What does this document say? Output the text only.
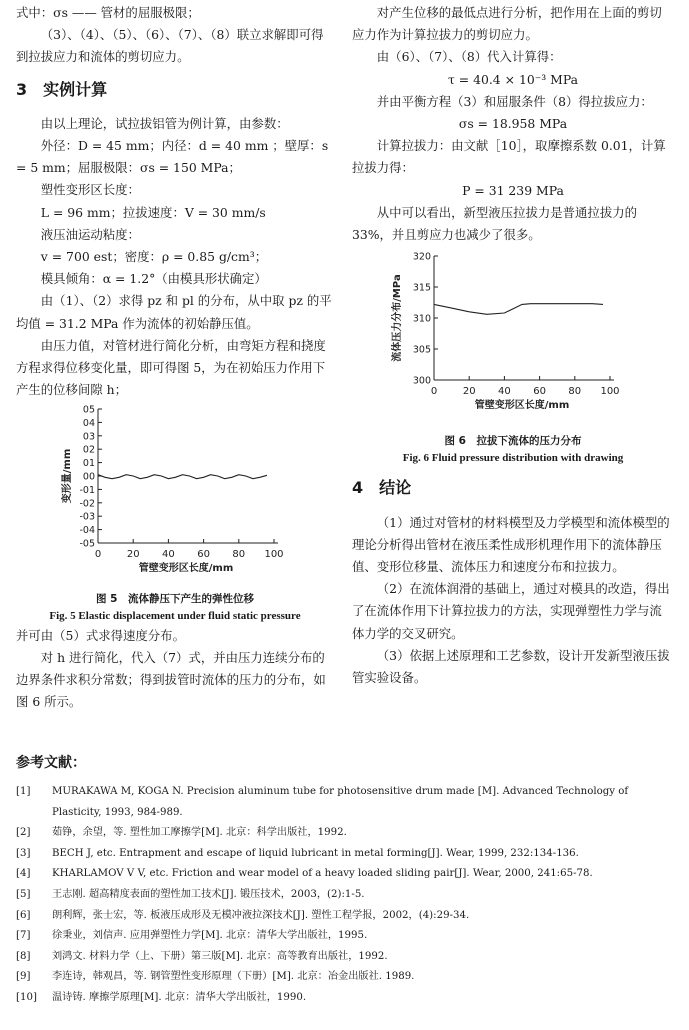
式中：σs —— 管材的屈服极限；

（3）、（4）、（5）、（6）、（7）、（8）联立求解即可得到拉拔应力和流体的剪切应力。

3 实例计算

由以上理论，试拉拔铝管为例计算，由参数：

外径：D = 45 mm；内径：d = 40 mm ；壁厚：s = 5 mm；屈服极限：σs = 150 MPa；

塑性变形区长度：

L = 96 mm；拉拔速度：V = 30 mm/s

液压油运动粘度：

v = 700 est；密度：ρ = 0.85 g/cm³；

模具倾角：α = 1.2°（由模具形状确定）

由（1）、（2）求得 pz 和 pl 的分布，从中取 pz 的平均值 = 31.2 MPa 作为流体的初始静压值。

由压力值，对管材进行简化分析，由弯矩方程和挠度方程求得位移变化量，即可得图 5，为在初始压力作用下产生的位移间隙 h；

05
04
03
02
01
00
-01
-02
-03
-04
-05
0	20 40 60 80 100
管壁变形区长度/mm
变形量/mm
图 5　流体静压下产生的弹性位移
Fig. 5 Elastic displacement under fluid static pressure

并可由（5）式求得速度分布。

对 h 进行简化，代入（7）式，并由压力连续分布的边界条件求积分常数；得到拔管时流体的压力的分布，如图 6 所示。

对产生位移的最低点进行分析，把作用在上面的剪切应力作为计算拉拔力的剪切应力。

由（6）、（7）、（8）代入计算得：

τ = 40.4 × 10⁻³ MPa

并由平衡方程（3）和屈服条件（8）得拉拔应力：

σs = 18.958 MPa

计算拉拔力：由文献［10］，取摩擦系数 0.01，计算拉拔力得：

P = 31 239 MPa

从中可以看出，新型液压拉拔力是普通拉拔力的 33%，并且剪应力也减少了很多。

320
315
310
305
300
0	20 40 60 80 100
管壁变形区长度/mm
流体压力分布/MPa
图 6　拉拔下流体的压力分布
Fig. 6 Fluid pressure distribution with drawing
4 结论

（1）通过对管材的材料模型及力学模型和流体模型的理论分析得出管材在液压柔性成形机理作用下的流体静压值、变形位移量、流体压力和速度分布和拉拔力。

（2）在流体润滑的基础上，通过对模具的改造，得出了在流体作用下计算拉拔力的方法，实现弹塑性力学与流体力学的交叉研究。

（3）依据上述原理和工艺参数，设计开发新型液压拔管实验设备。

参考文献：
[1]	MURAKAWA M, KOGA N. Precision aluminum tube for photosensitive drum made [M]. Advanced Technology of Plasticity, 1993, 984-989.
[2]	茹铮，余望，等. 塑性加工摩擦学[M]. 北京：科学出版社，1992.
[3]	BECH J, etc. Entrapment and escape of liquid lubricant in metal forming[J]. Wear, 1999, 232:134-136.
[4]	KHARLAMOV V V, etc. Friction and wear model of a heavy loaded sliding pair[J]. Wear, 2000, 241:65-78.
[5]	王志刚. 超高精度表面的塑性加工技术[J]. 锻压技术，2003，(2):1-5.
[6]	朗利辉，张士宏，等. 板液压成形及无模冲液拉深技术[J]. 塑性工程学报，2002，(4):29-34.
[7]	徐秉业，刘信声. 应用弹塑性力学[M]. 北京：清华大学出版社，1995.
[8]	刘鸿文. 材料力学（上、下册）第三版[M]. 北京：高等教育出版社，1992.
[9]	李连诗，韩观昌，等. 钢管塑性变形原理（下册）[M]. 北京：冶金出版社. 1989.
[10]	温诗铸. 摩擦学原理[M]. 北京：清华大学出版社，1990.
